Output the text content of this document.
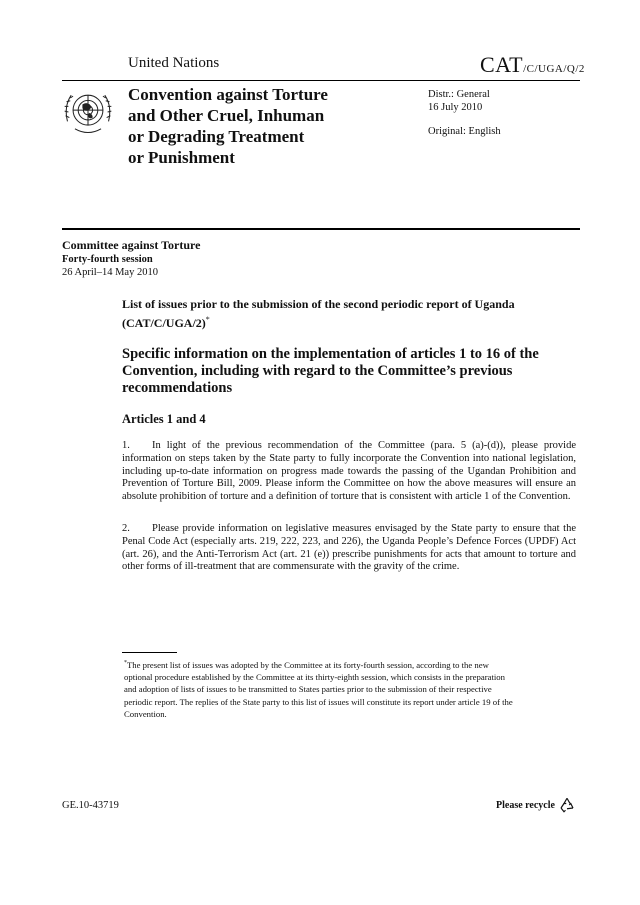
United Nations	CAT/C/UGA/Q/2
Convention against Torture
and Other Cruel, Inhuman
or Degrading Treatment
or Punishment
Distr.: General
16 July 2010
Original: English
Committee against Torture
Forty-fourth session
26 April–14 May 2010
List of issues prior to the submission of the second periodic report of Uganda (CAT/C/UGA/2)*
Specific information on the implementation of articles 1 to 16 of the Convention, including with regard to the Committee’s previous recommendations
Articles 1 and 4
1. In light of the previous recommendation of the Committee (para. 5 (a)-(d)), please provide information on steps taken by the State party to fully incorporate the Convention into national legislation, including up-to-date information on progress made towards the passing of the Ugandan Prohibition and Prevention of Torture Bill, 2009. Please inform the Committee on how the above measures will ensure an absolute prohibition of torture and a definition of torture that is consistent with article 1 of the Convention.
2. Please provide information on legislative measures envisaged by the State party to ensure that the Penal Code Act (especially arts. 219, 222, 223, and 226), the Uganda People’s Defence Forces (UPDF) Act (art. 26), and the Anti-Terrorism Act (art. 21 (e)) prescribe punishments for acts that amount to torture and other forms of ill-treatment that are commensurate with the gravity of the crime.
*The present list of issues was adopted by the Committee at its forty-fourth session, according to the new optional procedure established by the Committee at its thirty-eighth session, which consists in the preparation and adoption of lists of issues to be transmitted to States parties prior to the submission of their respective periodic report. The replies of the State party to this list of issues will constitute its report under article 19 of the Convention.
GE.10-43719	Please recycle
